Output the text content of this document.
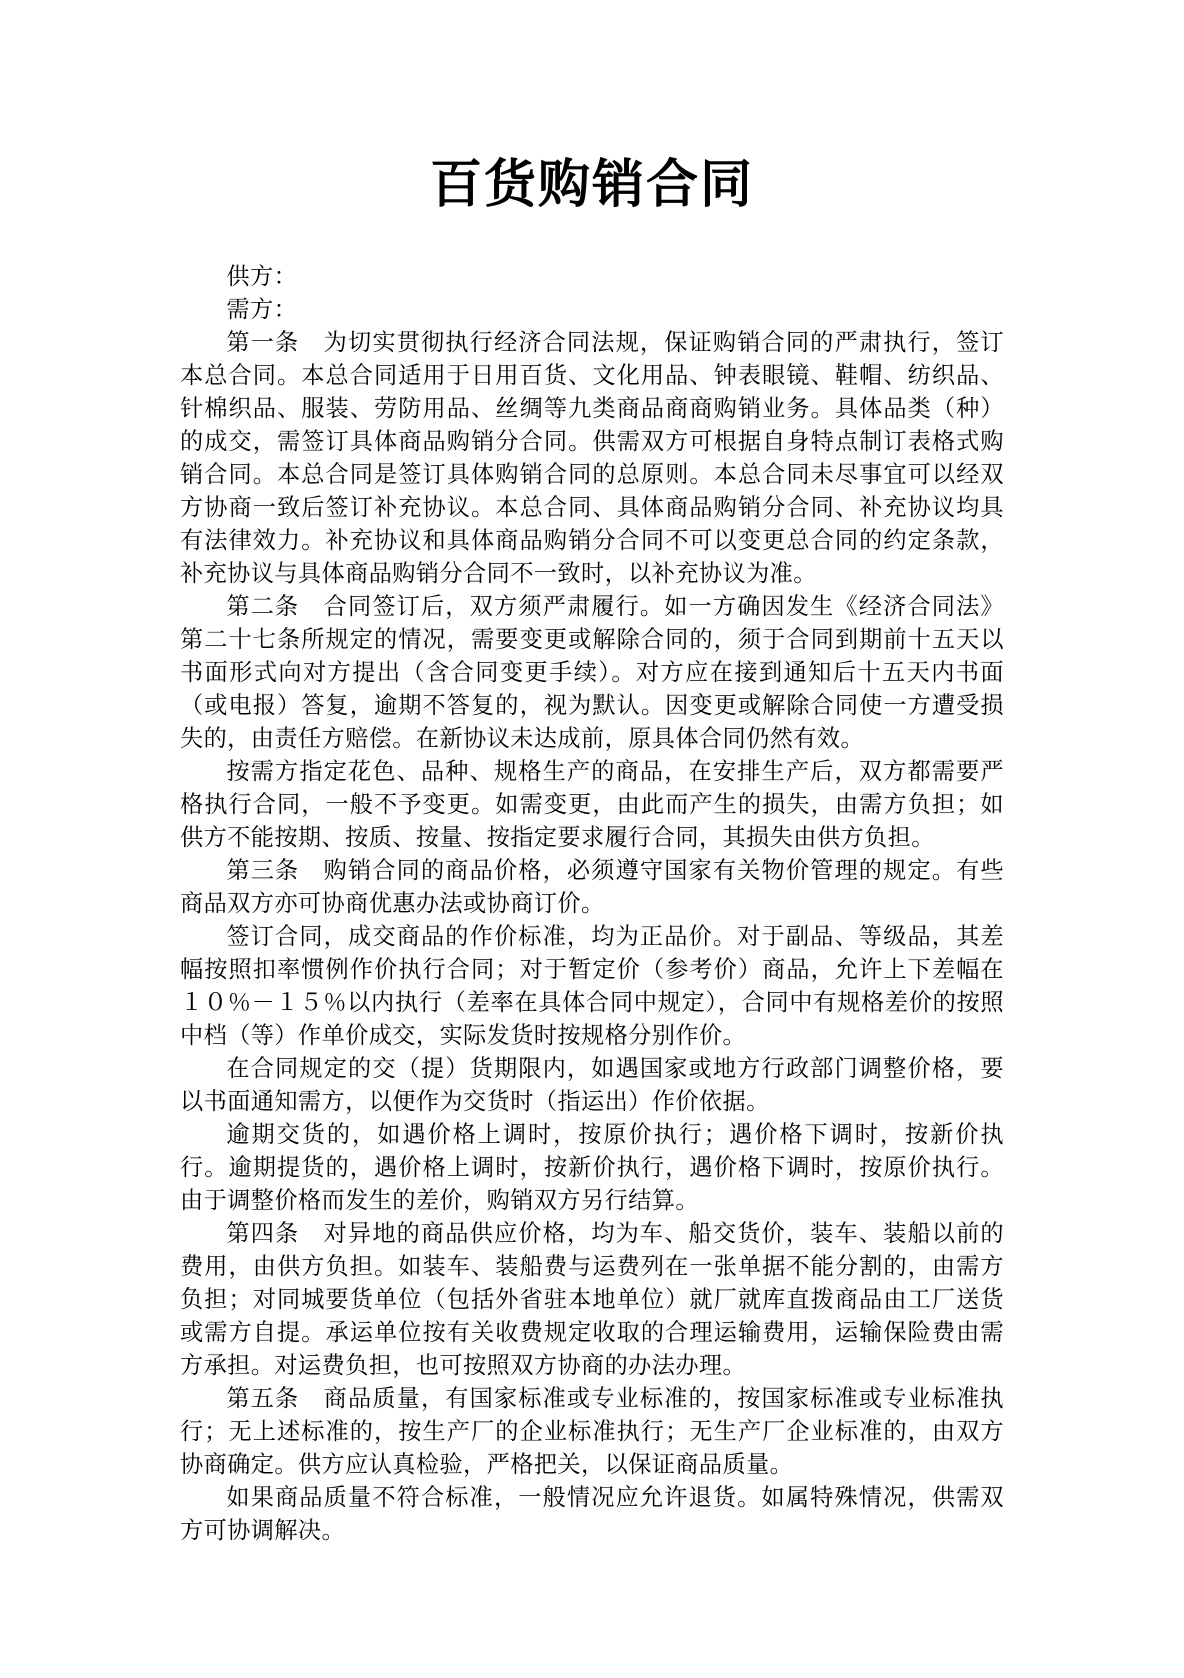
百货购销合同

供方：

需方：

第一条　为切实贯彻执行经济合同法规，保证购销合同的严肃执行，签订本总合同。本总合同适用于日用百货、文化用品、钟表眼镜、鞋帽、纺织品、针棉织品、服装、劳防用品、丝绸等九类商品商商购销业务。具体品类（种）的成交，需签订具体商品购销分合同。供需双方可根据自身特点制订表格式购销合同。本总合同是签订具体购销合同的总原则。本总合同未尽事宜可以经双方协商一致后签订补充协议。本总合同、具体商品购销分合同、补充协议均具有法律效力。补充协议和具体商品购销分合同不可以变更总合同的约定条款，补充协议与具体商品购销分合同不一致时，以补充协议为准。

第二条　合同签订后，双方须严肃履行。如一方确因发生《经济合同法》第二十七条所规定的情况，需要变更或解除合同的，须于合同到期前十五天以书面形式向对方提出（含合同变更手续）。对方应在接到通知后十五天内书面（或电报）答复，逾期不答复的，视为默认。因变更或解除合同使一方遭受损失的，由责任方赔偿。在新协议未达成前，原具体合同仍然有效。

按需方指定花色、品种、规格生产的商品，在安排生产后，双方都需要严格执行合同，一般不予变更。如需变更，由此而产生的损失，由需方负担；如供方不能按期、按质、按量、按指定要求履行合同，其损失由供方负担。

第三条　购销合同的商品价格，必须遵守国家有关物价管理的规定。有些商品双方亦可协商优惠办法或协商订价。

签订合同，成交商品的作价标准，均为正品价。对于副品、等级品，其差幅按照扣率惯例作价执行合同；对于暂定价（参考价）商品，允许上下差幅在１０％－１５％以内执行（差率在具体合同中规定），合同中有规格差价的按照中档（等）作单价成交，实际发货时按规格分别作价。

在合同规定的交（提）货期限内，如遇国家或地方行政部门调整价格，要以书面通知需方，以便作为交货时（指运出）作价依据。

逾期交货的，如遇价格上调时，按原价执行；遇价格下调时，按新价执行。逾期提货的，遇价格上调时，按新价执行，遇价格下调时，按原价执行。由于调整价格而发生的差价，购销双方另行结算。

第四条　对异地的商品供应价格，均为车、船交货价，装车、装船以前的费用，由供方负担。如装车、装船费与运费列在一张单据不能分割的，由需方负担；对同城要货单位（包括外省驻本地单位）就厂就库直拨商品由工厂送货或需方自提。承运单位按有关收费规定收取的合理运输费用，运输保险费由需方承担。对运费负担，也可按照双方协商的办法办理。

第五条　商品质量，有国家标准或专业标准的，按国家标准或专业标准执行；无上述标准的，按生产厂的企业标准执行；无生产厂企业标准的，由双方协商确定。供方应认真检验，严格把关，以保证商品质量。

如果商品质量不符合标准，一般情况应允许退货。如属特殊情况，供需双方可协调解决。
